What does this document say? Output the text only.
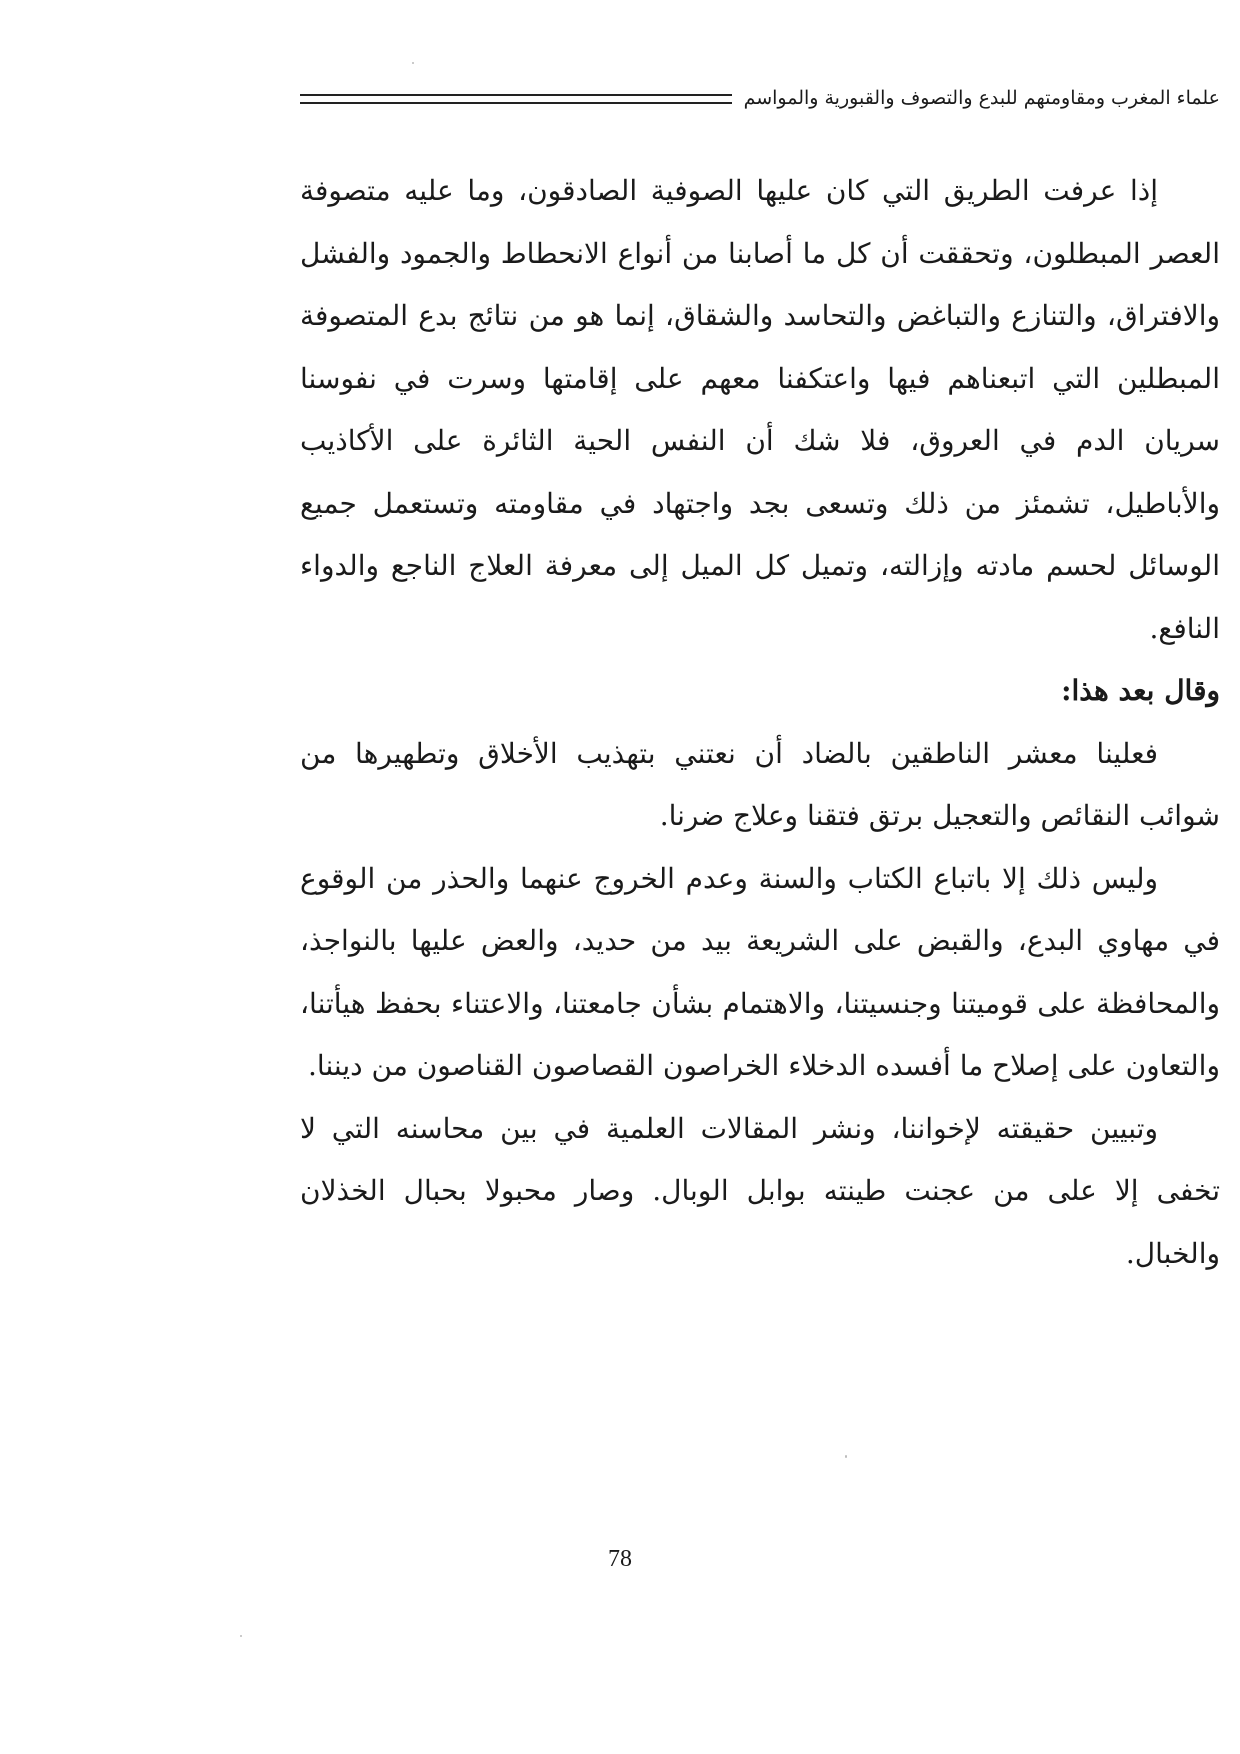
علماء المغرب ومقاومتهم للبدع والتصوف والقبورية والمواسم

إذا عرفت الطريق التي كان عليها الصوفية الصادقون، وما عليه متصوفة العصر المبطلون، وتحققت أن كل ما أصابنا من أنواع الانحطاط والجمود والفشل والافتراق، والتنازع والتباغض والتحاسد والشقاق، إنما هو من نتائج بدع المتصوفة المبطلين التي اتبعناهم فيها واعتكفنا معهم على إقامتها وسرت في نفوسنا سريان الدم في العروق، فلا شك أن النفس الحية الثائرة على الأكاذيب والأباطيل، تشمئز من ذلك وتسعى بجد واجتهاد في مقاومته وتستعمل جميع الوسائل لحسم مادته وإزالته، وتميل كل الميل إلى معرفة العلاج الناجع والدواء النافع.

وقال بعد هذا:

فعلينا معشر الناطقين بالضاد أن نعتني بتهذيب الأخلاق وتطهيرها من شوائب النقائص والتعجيل برتق فتقنا وعلاج ضرنا.

وليس ذلك إلا باتباع الكتاب والسنة وعدم الخروج عنهما والحذر من الوقوع في مهاوي البدع، والقبض على الشريعة بيد من حديد، والعض عليها بالنواجذ، والمحافظة على قوميتنا وجنسيتنا، والاهتمام بشأن جامعتنا، والاعتناء بحفظ هيأتنا، والتعاون على إصلاح ما أفسده الدخلاء الخراصون القصاصون القناصون من ديننا.

وتبيين حقيقته لإخواننا، ونشر المقالات العلمية في بين محاسنه التي لا تخفى إلا على من عجنت طينته بوابل الوبال. وصار محبولا بحبال الخذلان والخبال.

78
